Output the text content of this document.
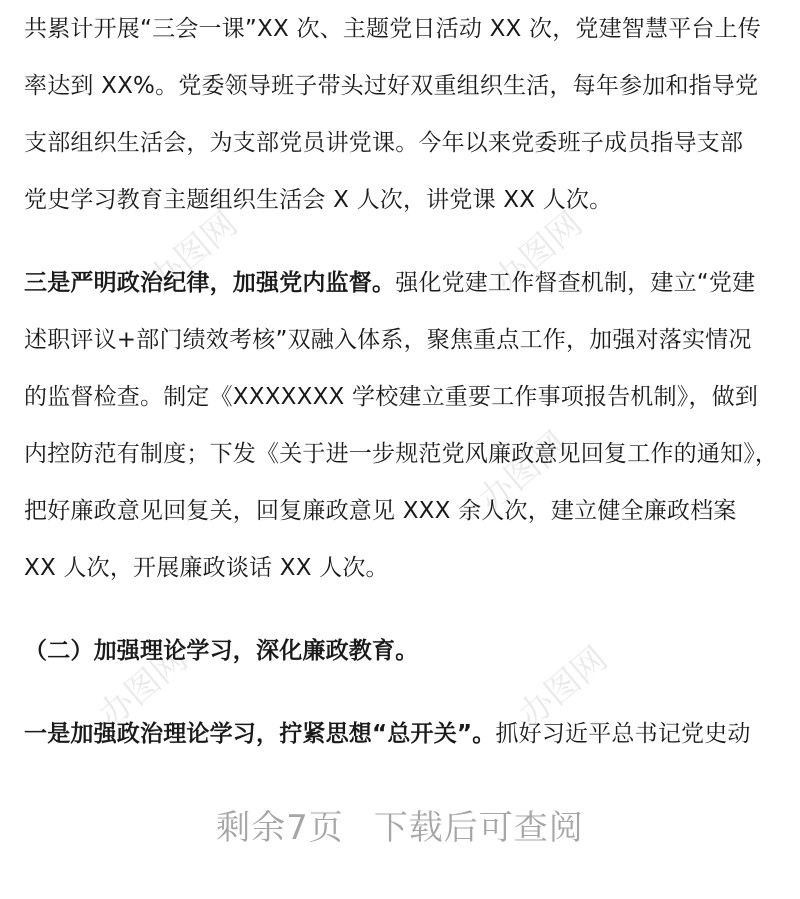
办图网	办图网
办图网
办图网	办图网
共累计开展“三会一课”XX 次、主题党日活动 XX 次，党建智慧平台上传
率达到 XX%。党委领导班子带头过好双重组织生活，每年参加和指导党
支部组织生活会，为支部党员讲党课。今年以来党委班子成员指导支部
党史学习教育主题组织生活会 X 人次，讲党课 XX 人次。
三是严明政治纪律，加强党内监督。强化党建工作督查机制，建立“党建
述职评议+部门绩效考核”双融入体系，聚焦重点工作，加强对落实情况
的监督检查。制定《XXXXXXX 学校建立重要工作事项报告机制》，做到
内控防范有制度；下发《关于进一步规范党风廉政意见回复工作的通知》，
把好廉政意见回复关，回复廉政意见 XXX 余人次，建立健全廉政档案
XX 人次，开展廉政谈话 XX 人次。
（二）加强理论学习，深化廉政教育。
一是加强政治理论学习，拧紧思想“总开关”。抓好习近平总书记党史动
剩余7页 下载后可查阅
